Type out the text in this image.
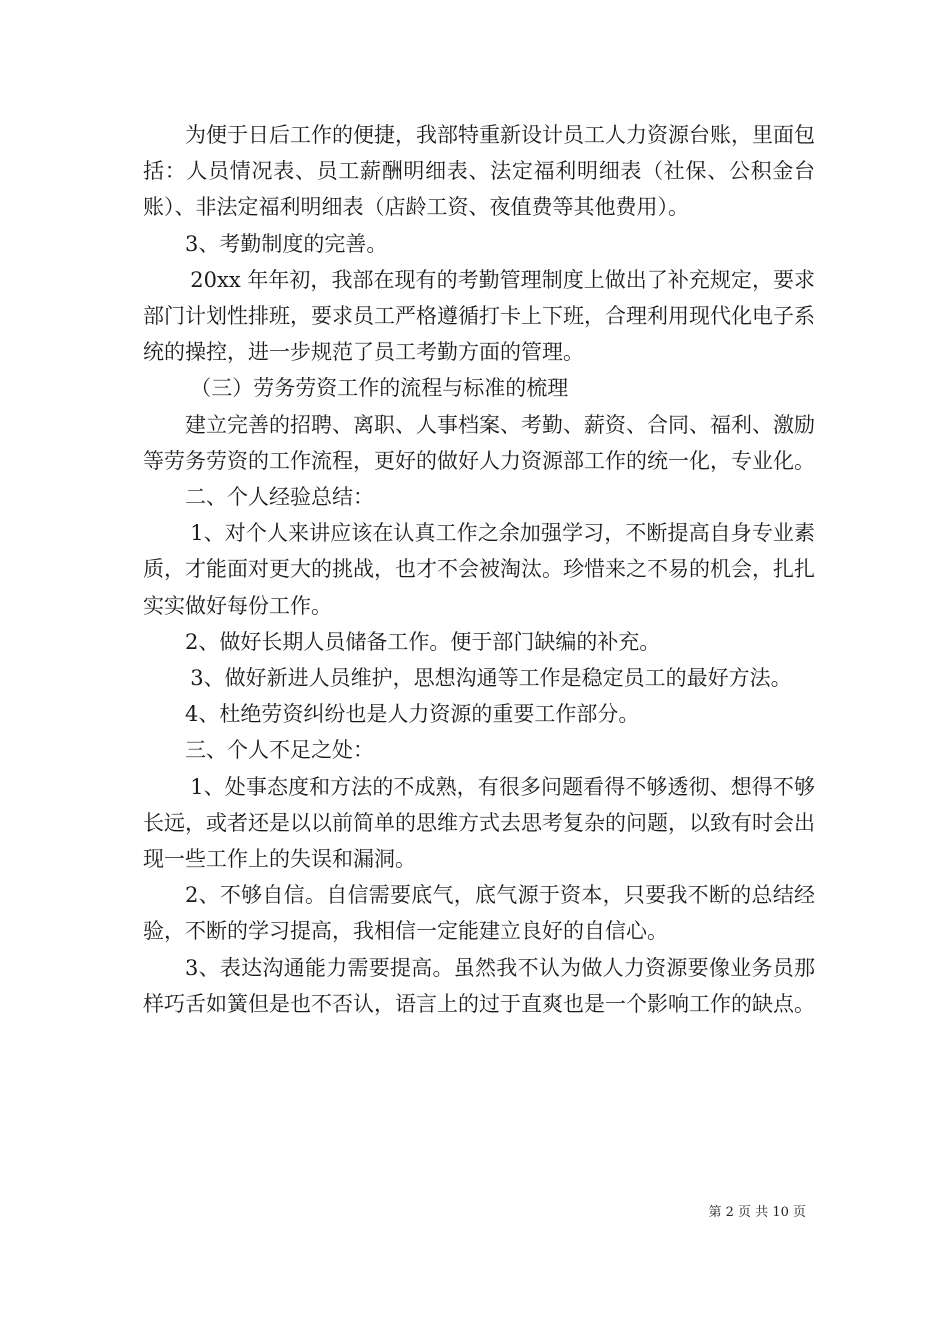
为便于日后工作的便捷，我部特重新设计员工人力资源台账，里面包括：人员情况表、员工薪酬明细表、法定福利明细表（社保、公积金台账）、非法定福利明细表（店龄工资、夜值费等其他费用）。

3、考勤制度的完善。

20xx 年年初，我部在现有的考勤管理制度上做出了补充规定，要求部门计划性排班，要求员工严格遵循打卡上下班，合理利用现代化电子系统的操控，进一步规范了员工考勤方面的管理。

（三）劳务劳资工作的流程与标准的梳理

建立完善的招聘、离职、人事档案、考勤、薪资、合同、福利、激励等劳务劳资的工作流程，更好的做好人力资源部工作的统一化，专业化。

二、个人经验总结：

1、对个人来讲应该在认真工作之余加强学习，不断提高自身专业素质，才能面对更大的挑战，也才不会被淘汰。珍惜来之不易的机会，扎扎实实做好每份工作。

2、做好长期人员储备工作。便于部门缺编的补充。

3、做好新进人员维护，思想沟通等工作是稳定员工的最好方法。

4、杜绝劳资纠纷也是人力资源的重要工作部分。

三、个人不足之处：

1、处事态度和方法的不成熟，有很多问题看得不够透彻、想得不够长远，或者还是以以前简单的思维方式去思考复杂的问题，以致有时会出现一些工作上的失误和漏洞。

2、不够自信。自信需要底气，底气源于资本，只要我不断的总结经验，不断的学习提高，我相信一定能建立良好的自信心。

3、表达沟通能力需要提高。虽然我不认为做人力资源要像业务员那样巧舌如簧但是也不否认，语言上的过于直爽也是一个影响工作的缺点。

第 2 页 共 10 页
